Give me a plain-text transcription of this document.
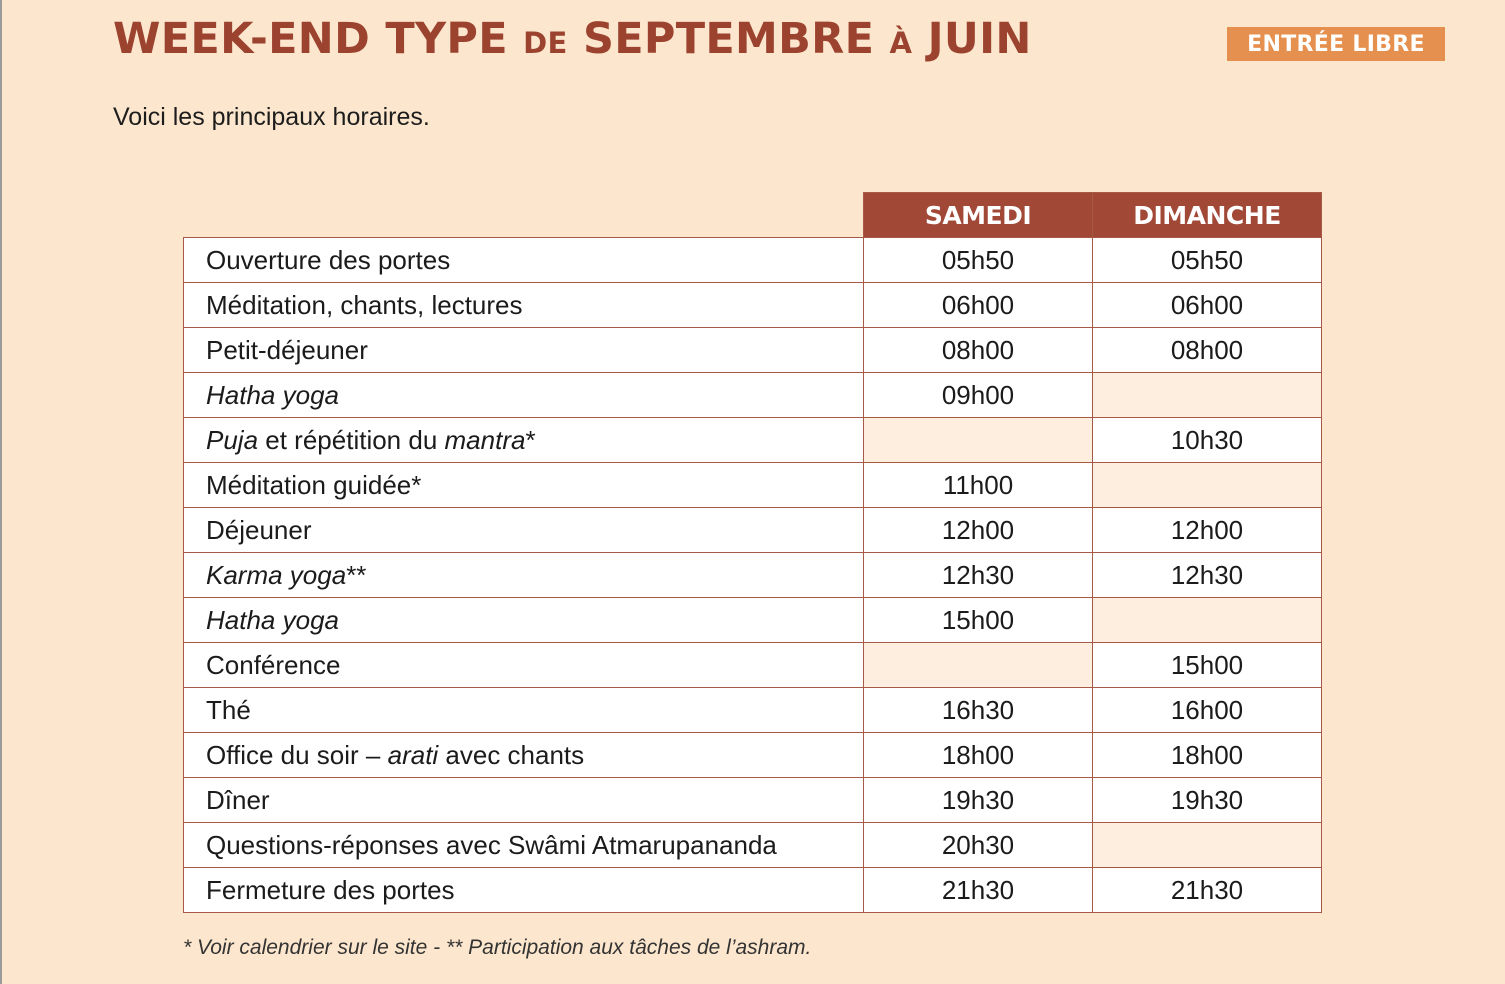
WEEK-END TYPE DE SEPTEMBRE À JUIN	ENTRÉE LIBRE

Voici les principaux horaires.

	SAMEDI	DIMANCHE
Ouverture des portes	05h50	05h50
Méditation, chants, lectures	06h00	06h00
Petit-déjeuner	08h00	08h00
Hatha yoga	09h00	
Puja et répétition du mantra*		10h30
Méditation guidée*	11h00	
Déjeuner	12h00	12h00
Karma yoga**	12h30	12h30
Hatha yoga	15h00	
Conférence		15h00
Thé	16h30	16h00
Office du soir – arati avec chants	18h00	18h00
Dîner	19h30	19h30
Questions-réponses avec Swâmi Atmarupananda	20h30	
Fermeture des portes	21h30	21h30

* Voir calendrier sur le site - ** Participation aux tâches de l’ashram.
